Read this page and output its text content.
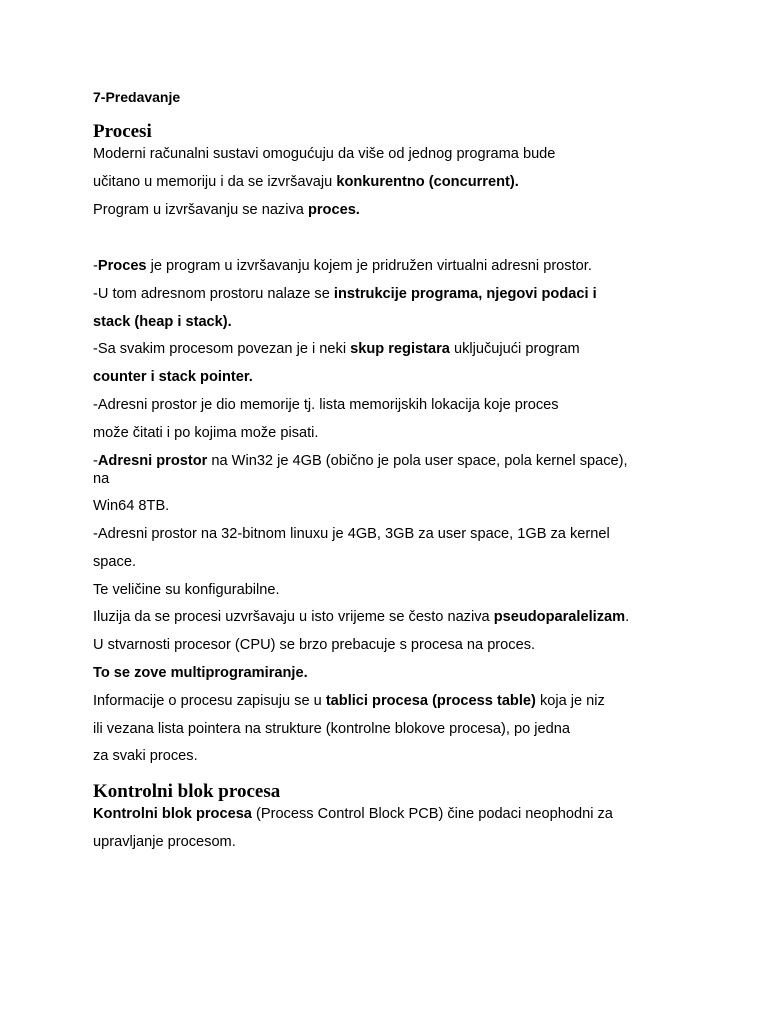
7-Predavanje
Procesi
Moderni računalni sustavi omogućuju da više od jednog programa bude
učitano u memoriju i da se izvršavaju konkurentno (concurrent).
Program u izvršavanju se naziva proces.
-Proces je program u izvršavanju kojem je pridružen virtualni adresni prostor.
-U tom adresnom prostoru nalaze se instrukcije programa, njegovi podaci i
stack (heap i stack).
-Sa svakim procesom povezan je i neki skup registara uključujući program
counter i stack pointer.
-Adresni prostor je dio memorije tj. lista memorijskih lokacija koje proces
može čitati i po kojima može pisati.
-Adresni prostor na Win32 je 4GB (obično je pola user space, pola kernel space),
na
Win64 8TB.
-Adresni prostor na 32-bitnom linuxu je 4GB, 3GB za user space, 1GB za kernel
space.
Te veličine su konfigurabilne.
Iluzija da se procesi uzvršavaju u isto vrijeme se često naziva pseudoparalelizam.
U stvarnosti procesor (CPU) se brzo prebacuje s procesa na proces.
To se zove multiprogramiranje.
Informacije o procesu zapisuju se u tablici procesa (process table) koja je niz
ili vezana lista pointera na strukture (kontrolne blokove procesa), po jedna
za svaki proces.
Kontrolni blok procesa
Kontrolni blok procesa (Process Control Block PCB) čine podaci neophodni za
upravljanje procesom.
